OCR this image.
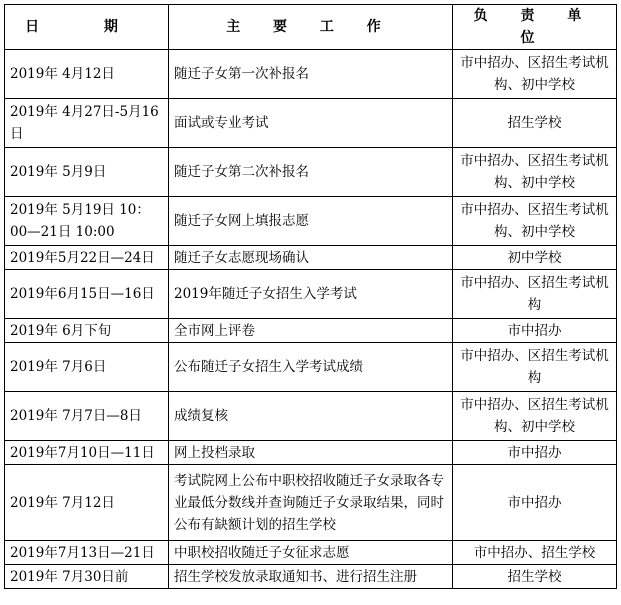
日 期	主 要 工 作	负 责 单 位
2019年 4月12日	随迁子女第一次补报名	市中招办、区招生考试机构、初中学校
2019年 4月27日-5月16日	面试或专业考试	招生学校
2019年 5月9日	随迁子女第二次补报名	市中招办、区招生考试机构、初中学校
2019年 5月19日 10：00—21日 10:00	随迁子女网上填报志愿	市中招办、区招生考试机构、初中学校
2019年5月22日—24日	随迁子女志愿现场确认	初中学校
2019年6月15日—16日	2019年随迁子女招生入学考试	市中招办、区招生考试机构
2019年 6月下旬	全市网上评卷	市中招办
2019年 7月6日	公布随迁子女招生入学考试成绩	市中招办、区招生考试机构
2019年 7月7日—8日	成绩复核	市中招办、区招生考试机构、初中学校
2019年7月10日—11日	网上投档录取	市中招办
2019年 7月12日	考试院网上公布中职校招收随迁子女录取各专业最低分数线并查询随迁子女录取结果，同时公布有缺额计划的招生学校	市中招办
2019年7月13日—21日	中职校招收随迁子女征求志愿	市中招办、招生学校
2019年 7月30日前	招生学校发放录取通知书、进行招生注册	招生学校
